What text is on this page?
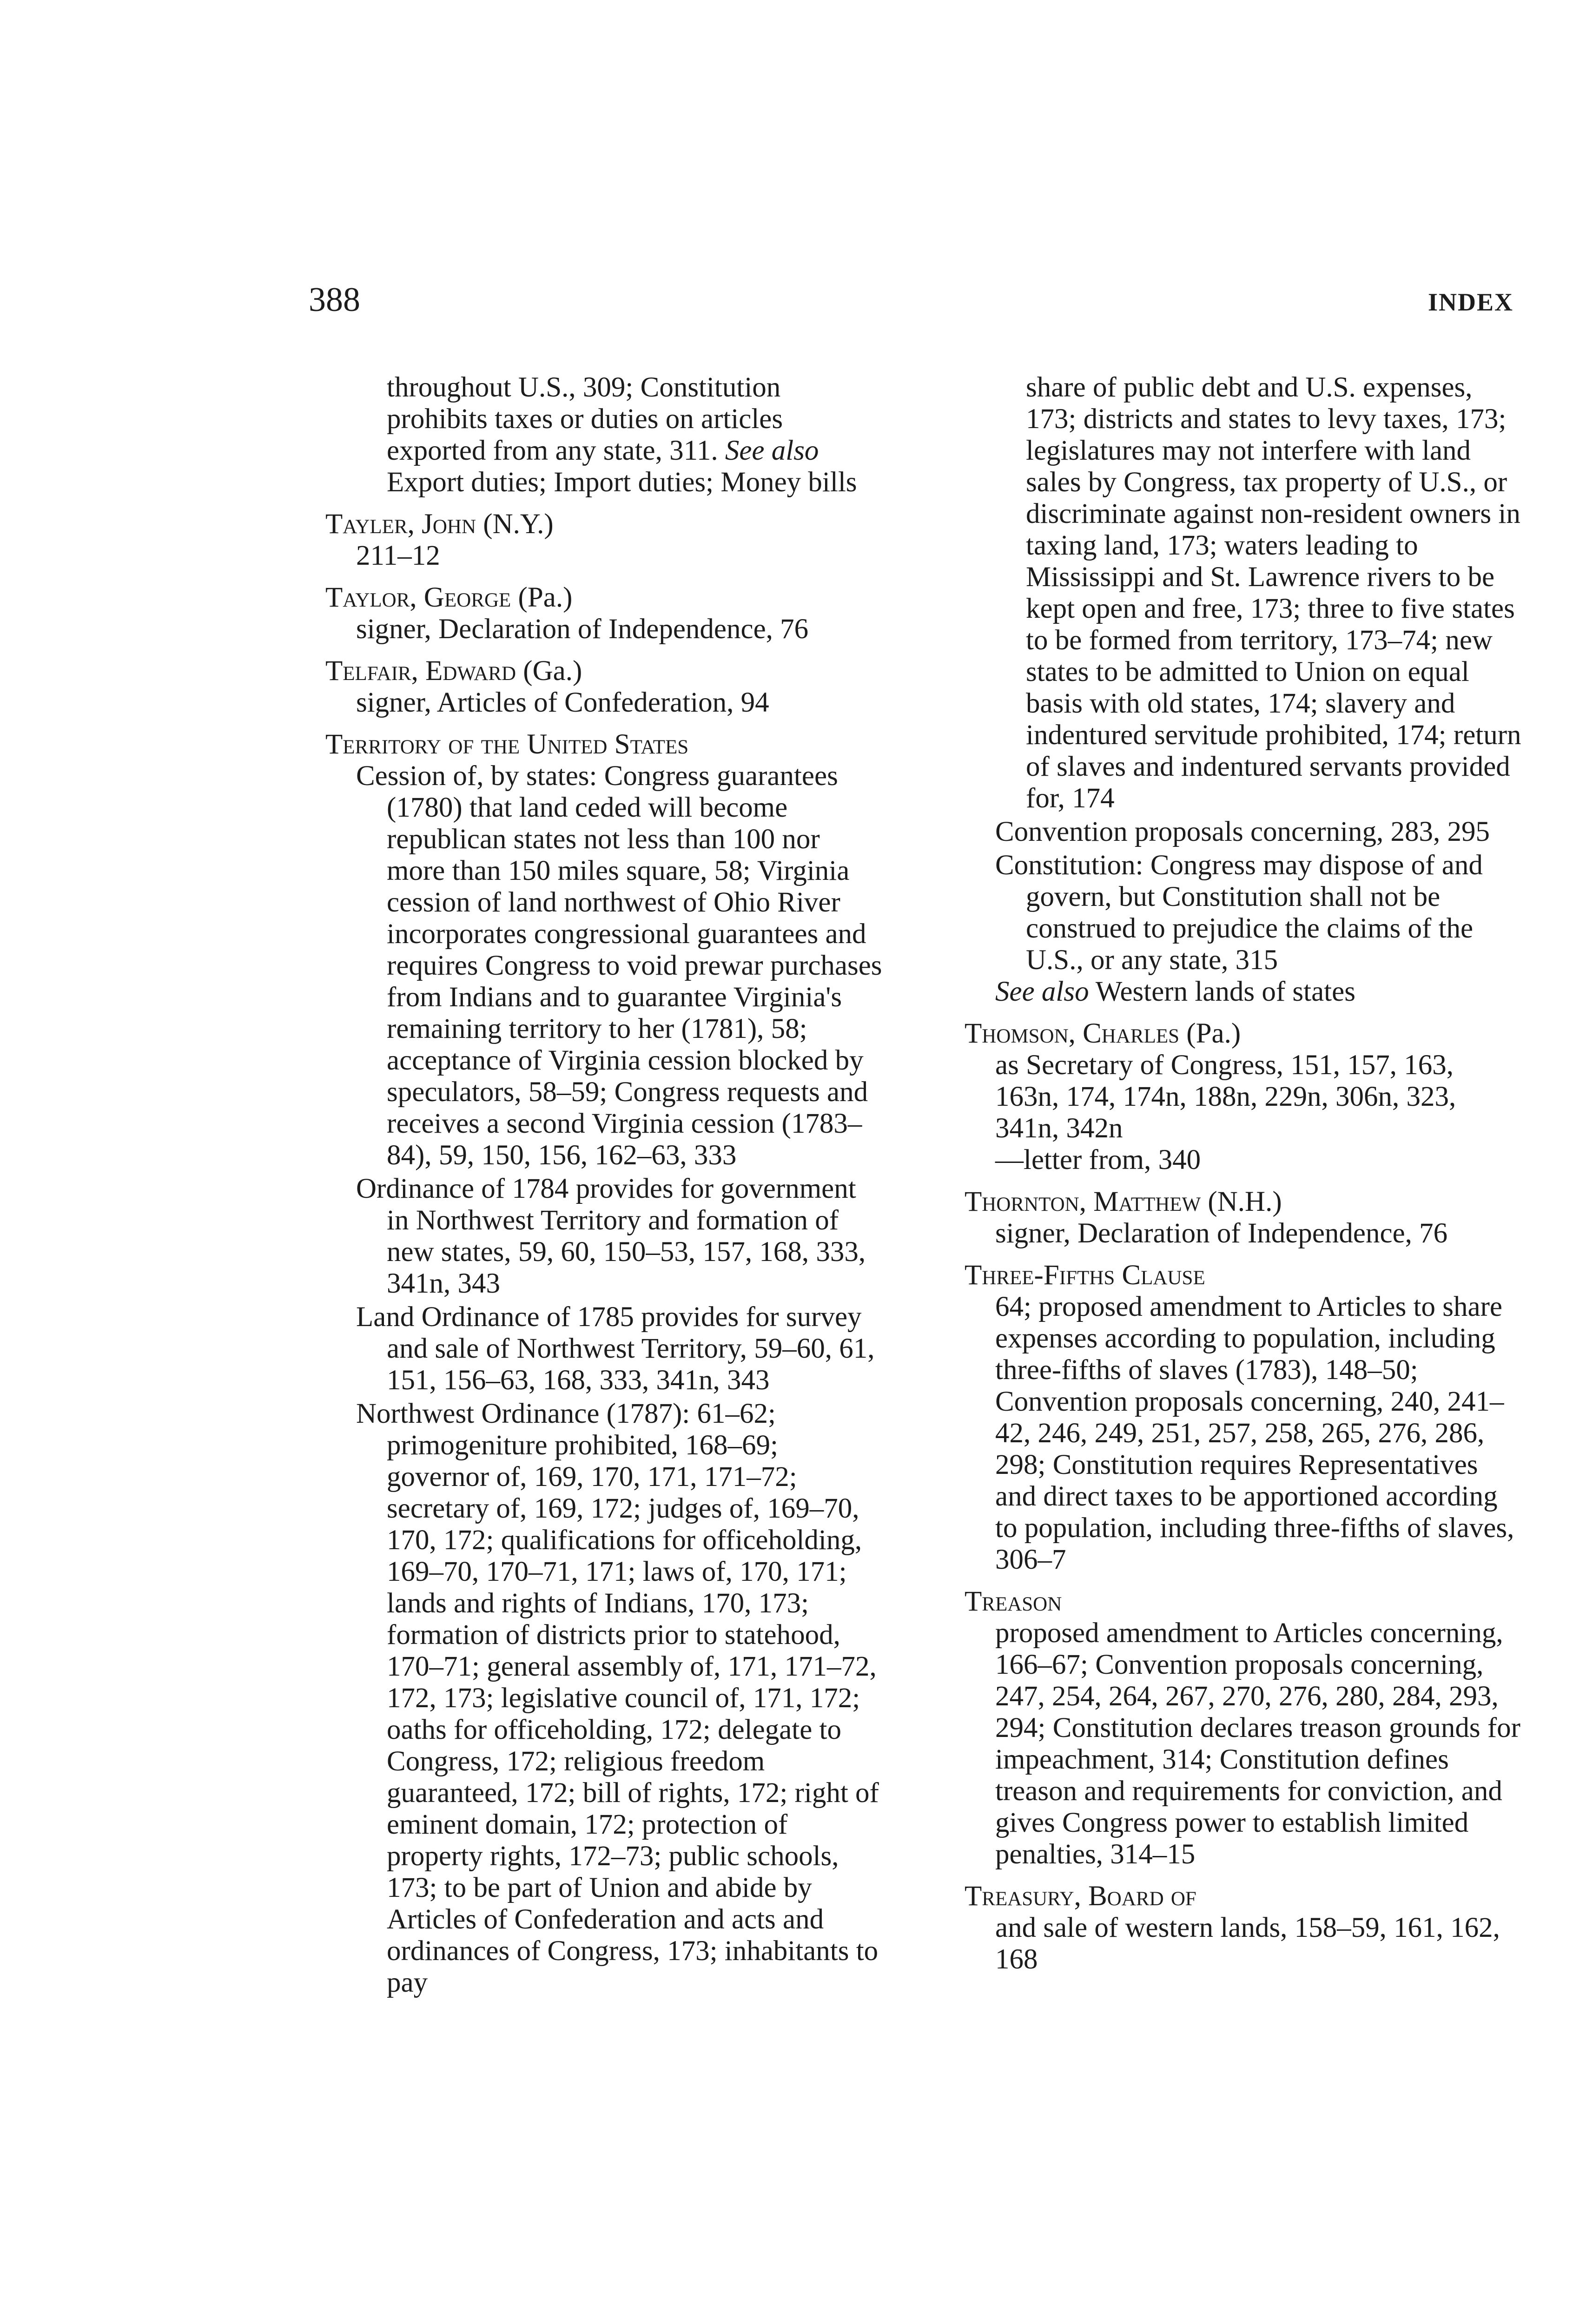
388	INDEX
throughout U.S., 309; Constitution prohibits taxes or duties on articles exported from any state, 311. See also Export duties; Import duties; Money bills
Tayler, John (N.Y.)
211–12
Taylor, George (Pa.)
signer, Declaration of Independence, 76
Telfair, Edward (Ga.)
signer, Articles of Confederation, 94
Territory of the United States
Cession of, by states: Congress guarantees (1780) that land ceded will become republican states not less than 100 nor more than 150 miles square, 58; Virginia cession of land northwest of Ohio River incorporates congressional guarantees and requires Congress to void prewar purchases from Indians and to guarantee Virginia's remaining territory to her (1781), 58; acceptance of Virginia cession blocked by speculators, 58–59; Congress requests and receives a second Virginia cession (1783–84), 59, 150, 156, 162–63, 333
Ordinance of 1784 provides for government in Northwest Territory and formation of new states, 59, 60, 150–53, 157, 168, 333, 341n, 343
Land Ordinance of 1785 provides for survey and sale of Northwest Territory, 59–60, 61, 151, 156–63, 168, 333, 341n, 343
Northwest Ordinance (1787): 61–62; primogeniture prohibited, 168–69; governor of, 169, 170, 171, 171–72; secretary of, 169, 172; judges of, 169–70, 170, 172; qualifications for officeholding, 169–70, 170–71, 171; laws of, 170, 171; lands and rights of Indians, 170, 173; formation of districts prior to statehood, 170–71; general assembly of, 171, 171–72, 172, 173; legislative council of, 171, 172; oaths for officeholding, 172; delegate to Congress, 172; religious freedom guaranteed, 172; bill of rights, 172; right of eminent domain, 172; protection of property rights, 172–73; public schools, 173; to be part of Union and abide by Articles of Confederation and acts and ordinances of Congress, 173; inhabitants to pay
share of public debt and U.S. expenses, 173; districts and states to levy taxes, 173; legislatures may not interfere with land sales by Congress, tax property of U.S., or discriminate against non-resident owners in taxing land, 173; waters leading to Mississippi and St. Lawrence rivers to be kept open and free, 173; three to five states to be formed from territory, 173–74; new states to be admitted to Union on equal basis with old states, 174; slavery and indentured servitude prohibited, 174; return of slaves and indentured servants provided for, 174
Convention proposals concerning, 283, 295
Constitution: Congress may dispose of and govern, but Constitution shall not be construed to prejudice the claims of the U.S., or any state, 315
See also Western lands of states
Thomson, Charles (Pa.)
as Secretary of Congress, 151, 157, 163, 163n, 174, 174n, 188n, 229n, 306n, 323, 341n, 342n
—letter from, 340
Thornton, Matthew (N.H.)
signer, Declaration of Independence, 76
Three-Fifths Clause
64; proposed amendment to Articles to share expenses according to population, including three-fifths of slaves (1783), 148–50; Convention proposals concerning, 240, 241–42, 246, 249, 251, 257, 258, 265, 276, 286, 298; Constitution requires Representatives and direct taxes to be apportioned according to population, including three-fifths of slaves, 306–7
Treason
proposed amendment to Articles concerning, 166–67; Convention proposals concerning, 247, 254, 264, 267, 270, 276, 280, 284, 293, 294; Constitution declares treason grounds for impeachment, 314; Constitution defines treason and requirements for conviction, and gives Congress power to establish limited penalties, 314–15
Treasury, Board of
and sale of western lands, 158–59, 161, 162, 168
